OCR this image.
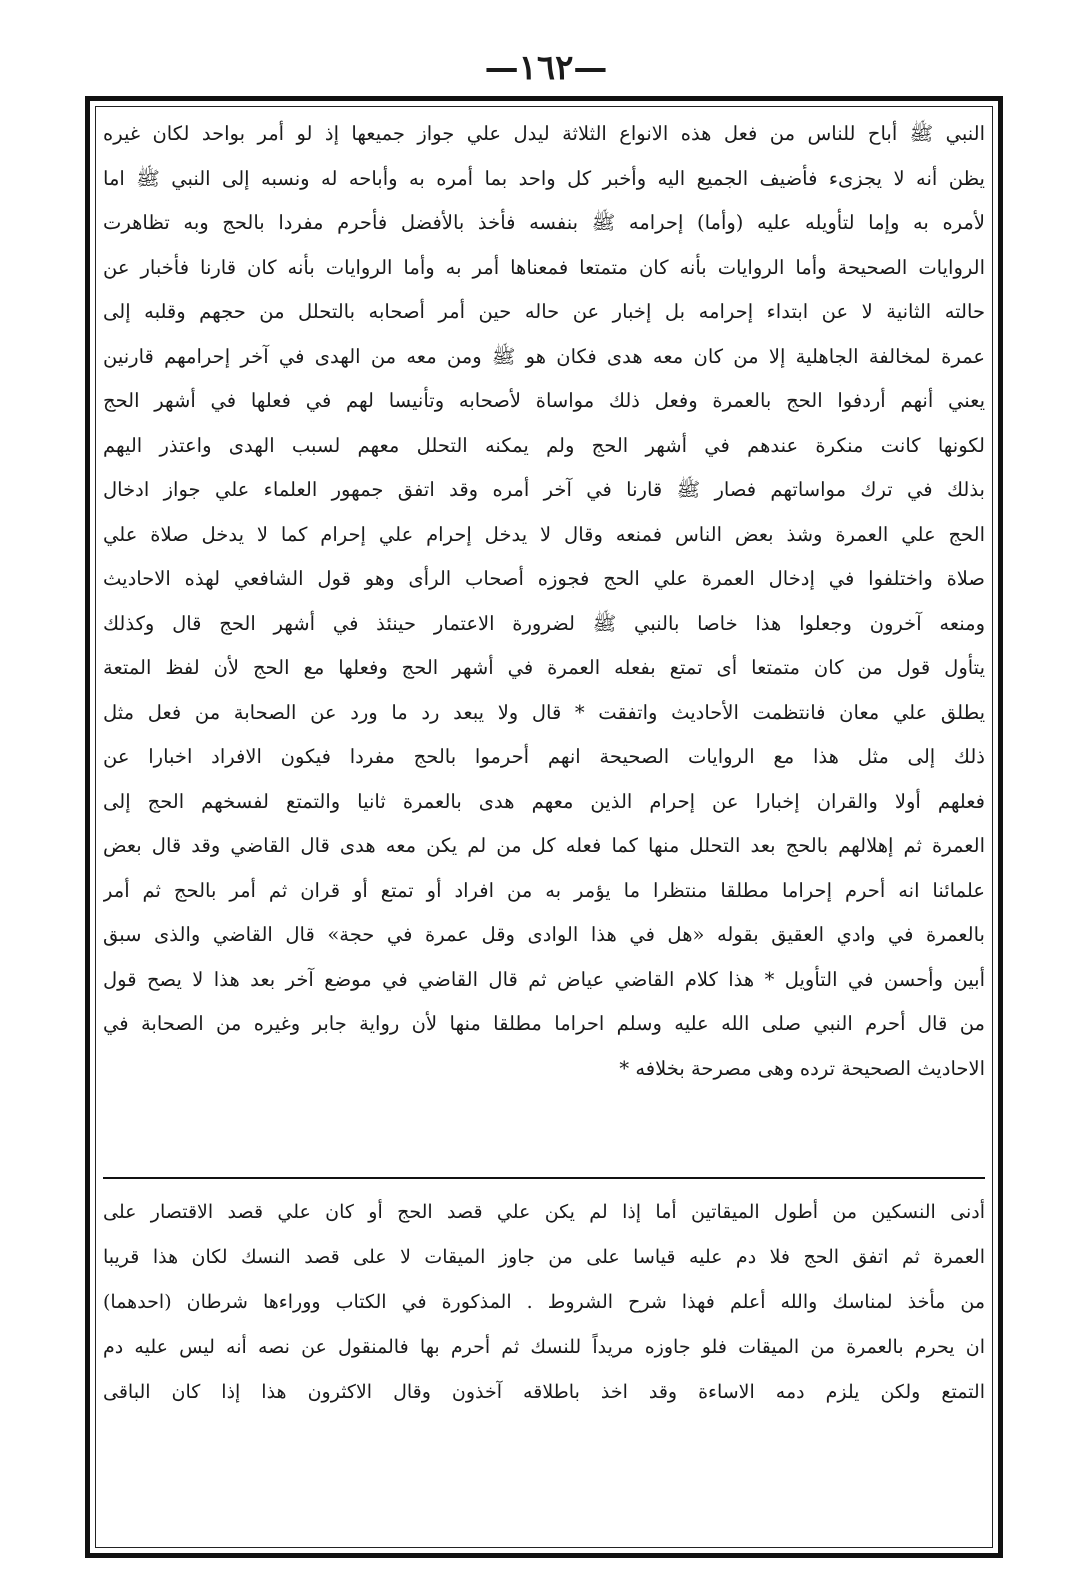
—١٦٢—
النبي ﷺ أباح للناس من فعل هذه الانواع الثلاثة ليدل علي جواز جميعها إذ لو أمر بواحد لكان غيره
يظن أنه لا يجزىء فأضيف الجميع اليه وأخبر كل واحد بما أمره به وأباحه له ونسبه إلى النبي ﷺ اما
لأمره به وإما لتأويله عليه (وأما) إحرامه ﷺ بنفسه فأخذ بالأفضل فأحرم مفردا بالحج وبه تظاهرت
الروايات الصحيحة وأما الروايات بأنه كان متمتعا فمعناها أمر به وأما الروايات بأنه كان قارنا فأخبار عن
حالته الثانية لا عن ابتداء إحرامه بل إخبار عن حاله حين أمر أصحابه بالتحلل من حجهم وقلبه إلى
عمرة لمخالفة الجاهلية إلا من كان معه هدى فكان هو ﷺ ومن معه من الهدى في آخر إحرامهم قارنين
يعني أنهم أردفوا الحج بالعمرة وفعل ذلك مواساة لأصحابه وتأنيسا لهم في فعلها في أشهر الحج
لكونها كانت منكرة عندهم في أشهر الحج ولم يمكنه التحلل معهم لسبب الهدى واعتذر اليهم
بذلك في ترك مواساتهم فصار ﷺ قارنا في آخر أمره وقد اتفق جمهور العلماء علي جواز ادخال
الحج علي العمرة وشذ بعض الناس فمنعه وقال لا يدخل إحرام علي إحرام كما لا يدخل صلاة علي
صلاة واختلفوا في إدخال العمرة علي الحج فجوزه أصحاب الرأى وهو قول الشافعي لهذه الاحاديث
ومنعه آخرون وجعلوا هذا خاصا بالنبي ﷺ لضرورة الاعتمار حينئذ في أشهر الحج قال وكذلك
يتأول قول من كان متمتعا أى تمتع بفعله العمرة في أشهر الحج وفعلها مع الحج لأن لفظ المتعة
يطلق علي معان فانتظمت الأحاديث واتفقت * قال ولا يبعد رد ما ورد عن الصحابة من فعل مثل
ذلك إلى مثل هذا مع الروايات الصحيحة انهم أحرموا بالحج مفردا فيكون الافراد اخبارا عن
فعلهم أولا والقران إخبارا عن إحرام الذين معهم هدى بالعمرة ثانيا والتمتع لفسخهم الحج إلى
العمرة ثم إهلالهم بالحج بعد التحلل منها كما فعله كل من لم يكن معه هدى قال القاضي وقد قال بعض
علمائنا انه أحرم إحراما مطلقا منتظرا ما يؤمر به من افراد أو تمتع أو قران ثم أمر بالحج ثم أمر
بالعمرة في وادي العقيق بقوله «هل في هذا الوادى وقل عمرة في حجة» قال القاضي والذى سبق
أبين وأحسن في التأويل * هذا كلام القاضي عياض ثم قال القاضي في موضع آخر بعد هذا لا يصح قول
من قال أحرم النبي صلى الله عليه وسلم احراما مطلقا منها لأن رواية جابر وغيره من الصحابة في
الاحاديث الصحيحة ترده وهى مصرحة بخلافه *
أدنى النسكين من أطول الميقاتين أما إذا لم يكن علي قصد الحج أو كان علي قصد الاقتصار على
العمرة ثم اتفق الحج فلا دم عليه قياسا على من جاوز الميقات لا على قصد النسك لكان هذا قريبا
من مأخذ لمناسك والله أعلم فهذا شرح الشروط . المذكورة في الكتاب ووراءها شرطان (احدهما)
ان يحرم بالعمرة من الميقات فلو جاوزه مريداً للنسك ثم أحرم بها فالمنقول عن نصه أنه ليس عليه دم
التمتع ولكن يلزم دمه الاساءة وقد اخذ باطلاقه آخذون وقال الاكثرون هذا إذا كان الباقى
